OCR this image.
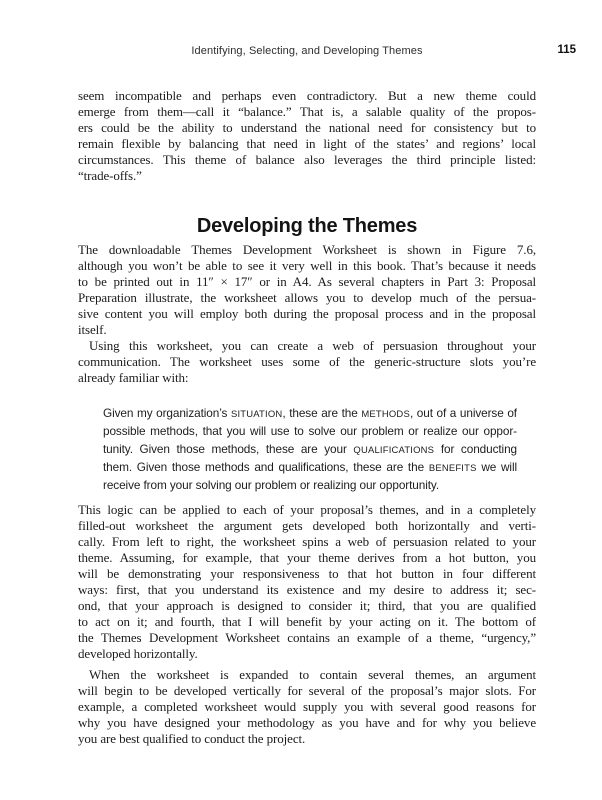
Identifying, Selecting, and Developing Themes	115
seem incompatible and perhaps even contradictory. But a new theme could
emerge from them—call it “balance.” That is, a salable quality of the propos-
ers could be the ability to understand the national need for consistency but to
remain flexible by balancing that need in light of the states’ and regions’ local
circumstances. This theme of balance also leverages the third principle listed:
“trade-offs.”
Developing the Themes
The downloadable Themes Development Worksheet is shown in Figure 7.6,
although you won’t be able to see it very well in this book. That’s because it needs
to be printed out in 11″ × 17″ or in A4. As several chapters in Part 3: Proposal
Preparation illustrate, the worksheet allows you to develop much of the persua-
sive content you will employ both during the proposal process and in the proposal
itself.
Using this worksheet, you can create a web of persuasion throughout your
communication. The worksheet uses some of the generic-structure slots you’re
already familiar with:
Given my organization’s SITUATION, these are the METHODS, out of a universe of
possible methods, that you will use to solve our problem or realize our oppor-
tunity. Given those methods, these are your QUALIFICATIONS for conducting
them. Given those methods and qualifications, these are the BENEFITS we will
receive from your solving our problem or realizing our opportunity.
This logic can be applied to each of your proposal’s themes, and in a completely
filled-out worksheet the argument gets developed both horizontally and verti-
cally. From left to right, the worksheet spins a web of persuasion related to your
theme. Assuming, for example, that your theme derives from a hot button, you
will be demonstrating your responsiveness to that hot button in four different
ways: first, that you understand its existence and my desire to address it; sec-
ond, that your approach is designed to consider it; third, that you are qualified
to act on it; and fourth, that I will benefit by your acting on it. The bottom of
the Themes Development Worksheet contains an example of a theme, “urgency,”
developed horizontally.
When the worksheet is expanded to contain several themes, an argument
will begin to be developed vertically for several of the proposal’s major slots. For
example, a completed worksheet would supply you with several good reasons for
why you have designed your methodology as you have and for why you believe
you are best qualified to conduct the project.
